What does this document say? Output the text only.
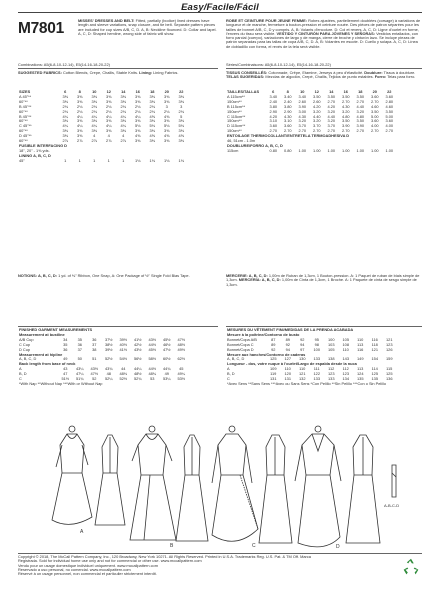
Easy/Facile/Fácil
M7801	MISSES' DRESSES AND BELT: Fitted, partially (bodice) lined dresses have length and sleeve variations, snap closure, and tie belt. Separate pattern pieces are included for cup sizes A/B, C, D. A, B: Neckline flounced. D: Collar and lapel. A, C, D: Shaped hemline, wrong side of fabric will show.
ROBE ET CEINTURE POUR JEUNE FEMME: Robes ajustées, partiellement doublées (corsage) à variations de longueur et de manche, fermeture à bouton-pression et ceinture nouée. Des pièces de patron séparées pour les tailles de bonnet A/B, C, D y compris. A, B: Volants d'encolure. D: Col et revers. A, C, D: Ligne d'ourlet en forme, l'envers du tissu sera visible. VESTIDO Y CINTURÓN PARA JÓVENES Y SEÑORAS: Vestidos entallados, con forro parcial (cuerpo), variaciones de largo y de manga, cierre de broche y cinturón lazo. Se incluye piezas de patrón separadas para las tallas de copa A/B, C, D. A, B: Volantes en escote. D: Cuello y solapa. A, C, D: Línea de dobladillo con forma, el revés de la tela será visible.
Combinations: A5(6-8-10-12-14), E5(14-16-18-20-22)	Séries/Combinaisons: A5(6-8-10-12-14), E5(14-16-18-20-22)
SUGGESTED FABRICS: Cotton Blends, Crepe, Challis, Stable Knits. Lining: Lining Fabrics.	TISSUS CONSEILLÉS: Cotonnade, Crêpe, Etamine, Jerseys à peu d'élasticité. Doublure: Tissus à doublure. TELAS SUGERIDAS: Mezclas de algodón, Crepé, Challis, Tejidos de punto estables. Forro: Telas para forro.
SIZES	6	8	10	12	14	16	18	20	22
A 45"**	3⅜	3⅜	3⅜	3⅜	3⅜	3⅜	3⅜	3⅜	3⅜
60"**	3⅜	3⅜	3⅜	3⅜	3⅜	3⅜	3⅜	3⅜	3⅜
B 45"**	2⅛	2⅛	2⅛	2⅛	2⅛	2⅛	2⅛	3	3
60"**	2⅛	2⅛	2⅛	2⅛	2⅛	2⅛	2⅛	2⅛	2⅛
B 45"**	4¼	4¼	4¼	4¼	4¼	4¼	4⅝	4⅝	5
60"**	3⅜	3⅜	3⅜	3⅜	3⅜	3⅜	3⅜	3⅜	3⅜
C 45"**	4¼	4¼	4¼	4¼	4¼	5⅛	5⅛	5⅛	5⅛
60"**	3⅜	3⅜	3⅜	3⅜	3⅜	3⅜	3⅜	3⅜	3⅜
D 45"**	3⅜	3⅜	4	4	4	4⅝	4⅝	4⅝	4⅝
60"**	2⅞	2⅞	2⅞	2⅞	2⅞	3⅜	3⅜	3⅜	3⅜
FUSIBLE INTERFACING D									
18", 20" - 1⅜ yds.									
LINING A, B, C, D									
45"	1	1	1	1	1	1⅛	1⅛	1⅛	1⅛
TAILLES/TALLAS	6	8	10	12	14	16	18	20	22
A 115cm**	3.40	3.40	3.40	3.50	3.50	3.50	3.50	3.60	3.60
150cm**	2.40	2.40	2.60	2.60	2.70	2.70	2.70	2.70	2.80
B 115cm**	3.80	3.80	3.90	4.20	4.20	4.30	4.40	4.60	4.60
150cm**	2.90	2.90	3.00	3.20	3.20	3.20	3.20	3.50	3.50
C 115cm**	4.20	4.30	4.30	4.40	4.40	4.80	4.80	5.00	5.00
150cm**	3.10	3.10	3.20	3.20	3.20	3.50	3.50	3.60	3.60
D 115cm**	3.60	3.60	3.70	3.70	3.70	3.90	3.90	4.00	4.00
150cm**	2.70	2.70	2.70	2.70	2.70	2.70	2.70	2.70	2.70
ENTOILAGE THERMOCOLLANT/ENTRETELA TERMOADHESIVA D									
46, 51cm - 1.0m									
DOUBLURE/FORRO A, B, C, D									
115cm	0.80	0.80	1.00	1.00	1.00	1.00	1.00	1.00	1.00
NOTIONS: A, B, C, D: 1 yd. of ⅜" Ribbon, One Snap, A: One Package of ½" Single Fold Bias Tape.	MERCERIE: A, B, C, D: 1,00m de Ruban de 1,3cm, 1 Bouton-pression. A: 1 Paquet de ruban de biais simple de 1,3cm. MERCERÍA: A, B, C, D: 1,00m de Cinta de 1,3cm, 1 Broche. A: 1 Paquete de cinta de sesgo simple de 1,3cm.
FINISHED GARMENT MEASUREMENTS									
Measurement at bustline									
A/B Cup	34	35	36	37½	39½	41½	43½	45½	47½
C Cup	35	36	37	38½	40½	42½	44½	46½	48½
D Cup	36	37	38	39½	41½	43½	45½	47½	49½
Measurement at hipline									
A, B, C, D	49	50	51	52½	54½	56½	58½	60½	62½
Back length from base of neck									
A	43	43¼	43½	43¾	44	44¼	44½	44¾	45
B, D	47	47¼	47½	48	48⅛	48½	48¾	49	49¼
C	51½	51¾	52	52¼	52½	52¾	53	53¼	53½
*With Nap **Without Nap ***With or Without Nap									
MESURES DU VÊTEMENT FINI/MEDIDAS DE LA PRENDA ACABADA									
Mesure à la poitrine/Contorno de busto									
Bonnet/Copa A/B	87	89	92	95	100	105	110	116	121
Bonnet/Copa C	89	92	94	98	103	108	113	118	123
Bonnet/Copa D	92	94	97	100	105	110	116	121	126
Mesure aux hanches/Contorno de caderas									
A, B, C, D	125	127	130	133	138	143	149	154	159
Longueur - dos, votre nuque à l'ourlet/Largo de espalda desde la nuca									
A	109	110	110	111	112	112	113	114	115
B, D	119	120	121	122	123	123	124	125	125
C	131	131	132	133	133	134	135	135	136
*Avec Sens **Sans Sens ***Avec ou Sans Sens *Con Pelillo **Sin Pelillo ***Con o Sin Pelillo									
A
B	C	D
A-B-C-D
Copyright © 2018, The McCall Pattern Company, Inc., 120 Broadway, New York 10271. All Rights Reserved. Printed in U.S.A. Trademarks Reg. U.S. Pat. & TM Off. Marca
Registrada. Sold for individual home use only and not for commercial or other use. www.mccallpattern.com
Vendu pour un usage domestique individuel uniquement. www.mccallpattern.com
Reservado a uso personal, no comercial. www.mccallpattern.com
Réservé à un usage personnel, non commercial et particulier strictement interdit.
